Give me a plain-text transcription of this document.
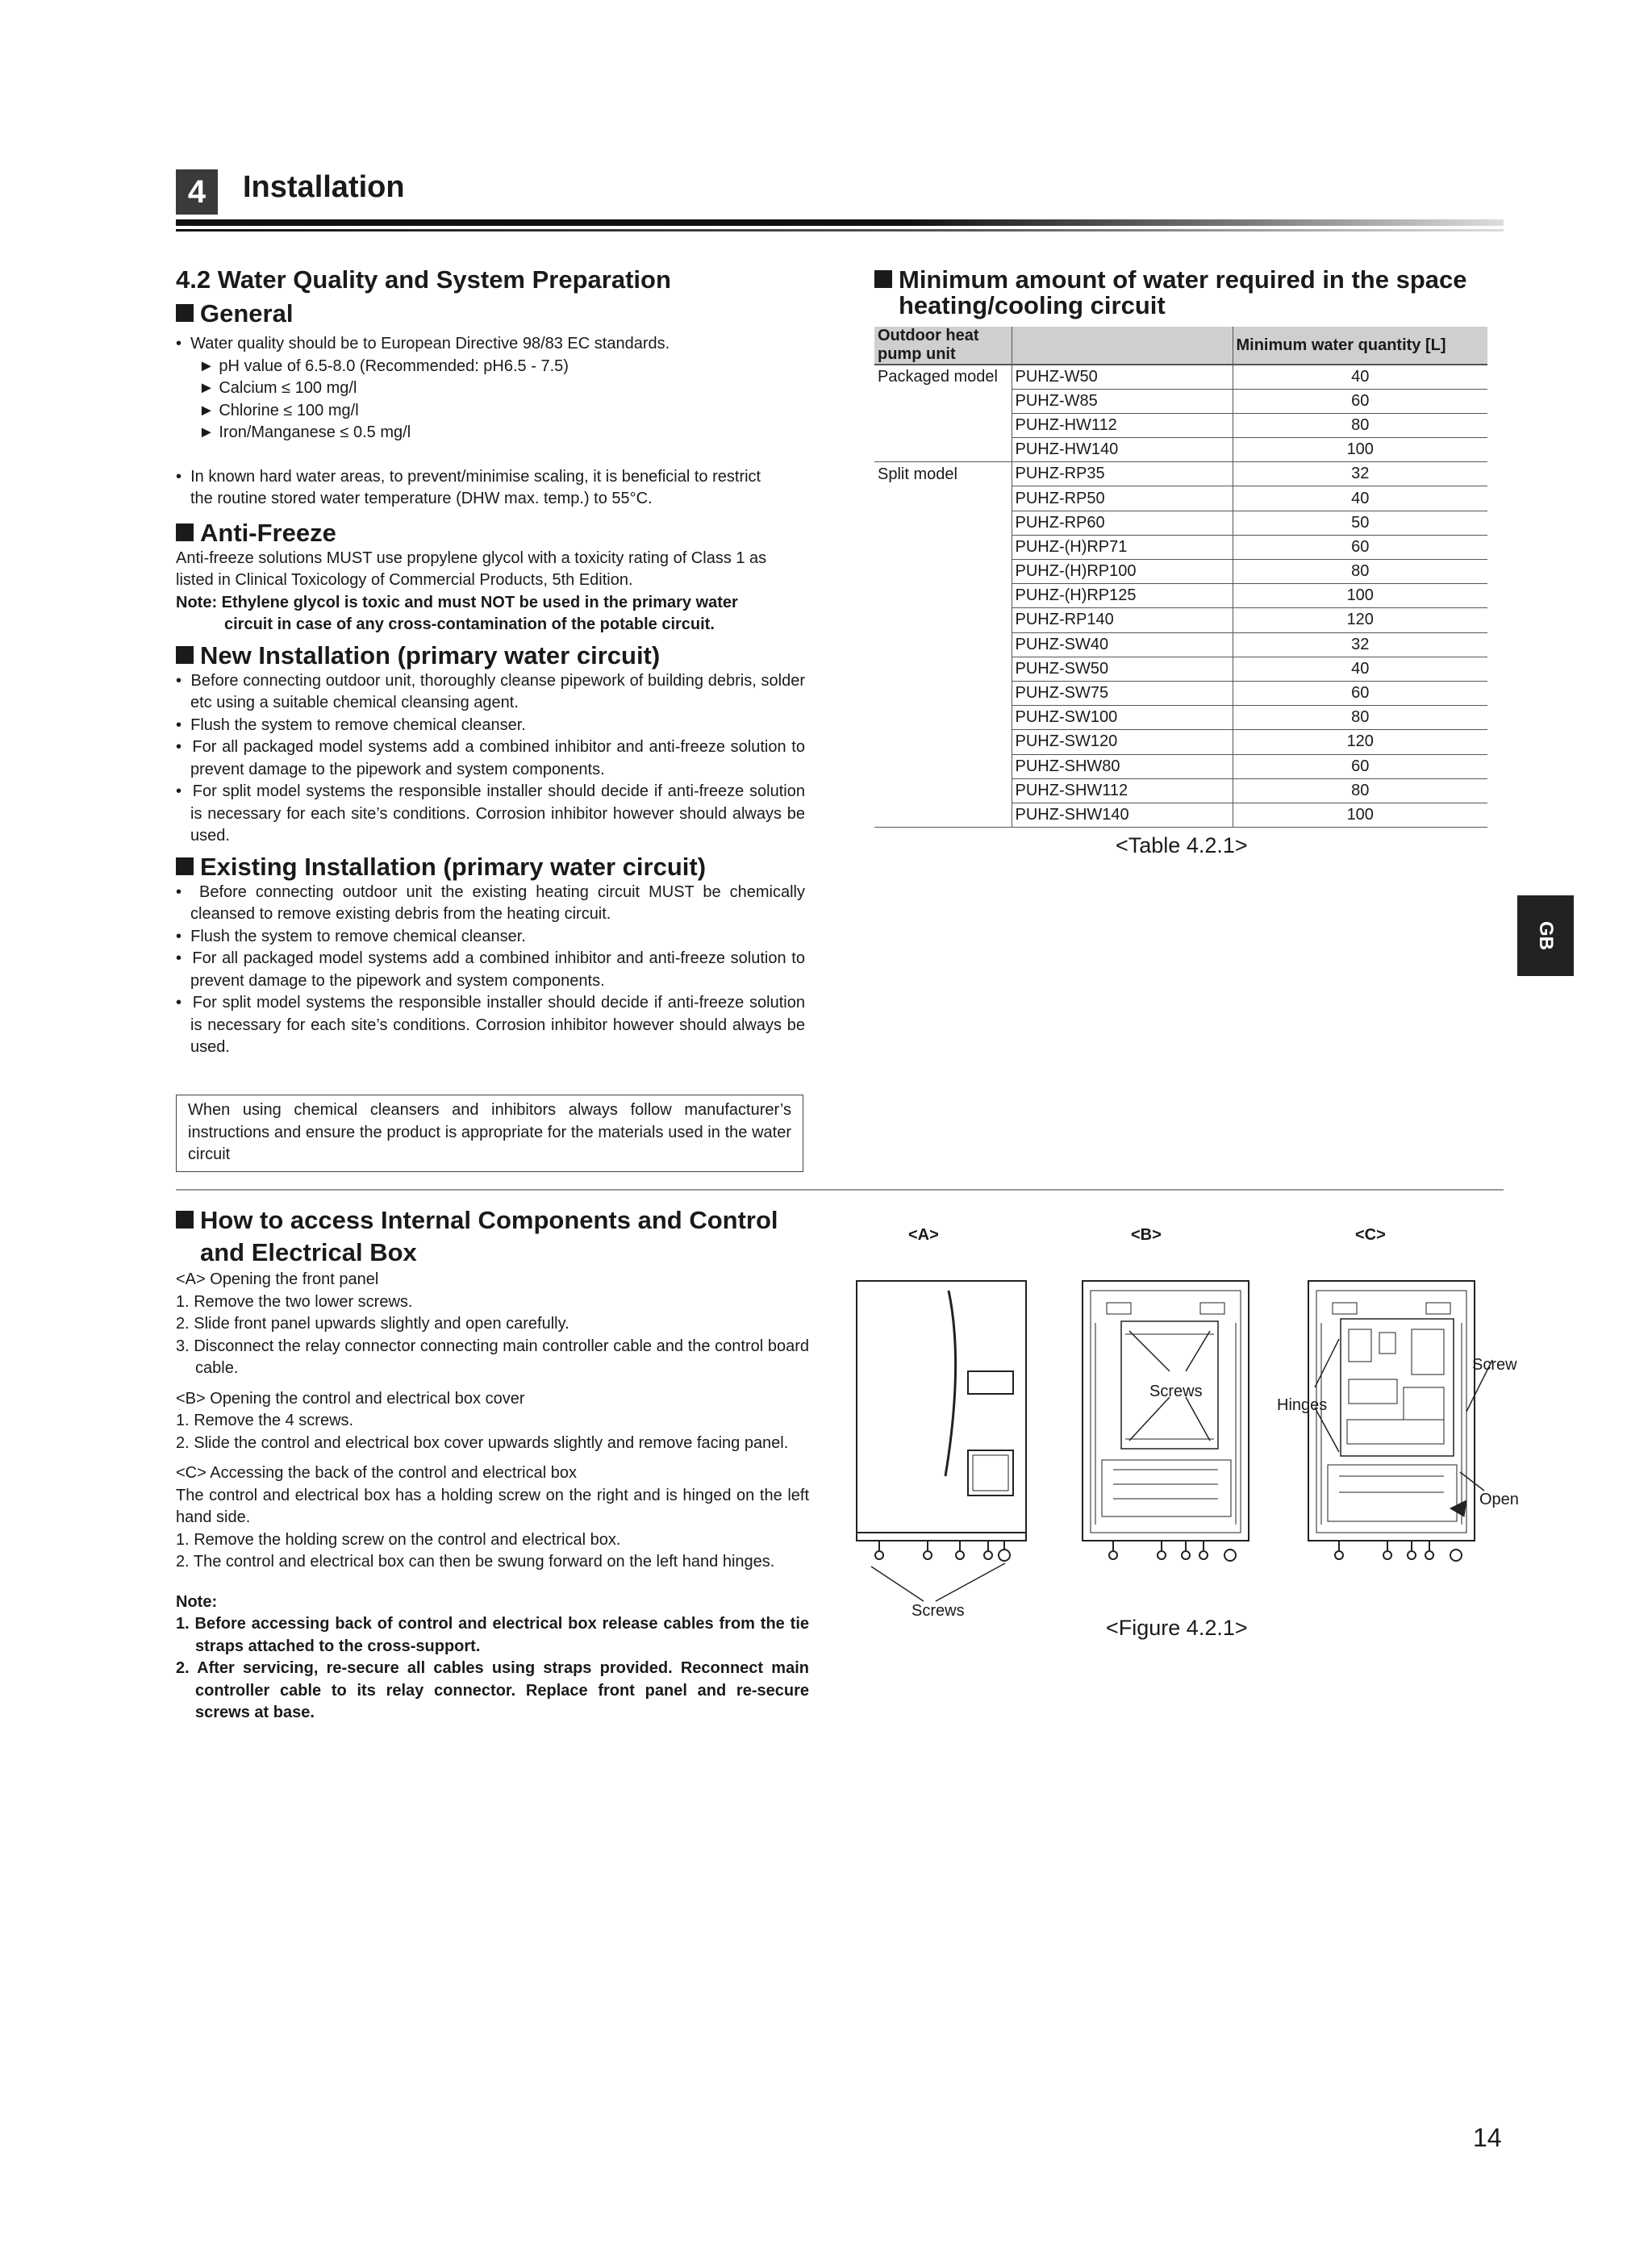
4	Installation
4.2 Water Quality and System Preparation
General
•  Water quality should be to European Directive 98/83 EC standards.
► pH value of 6.5-8.0 (Recommended: pH6.5 - 7.5)
► Calcium ≤ 100 mg/l
► Chlorine ≤ 100 mg/l
► Iron/Manganese ≤ 0.5 mg/l
•  In known hard water areas, to prevent/minimise scaling, it is beneficial to restrict
the routine stored water temperature (DHW max. temp.) to 55°C.
Anti-Freeze
Anti-freeze solutions MUST use propylene glycol with a toxicity rating of Class 1 as
listed in Clinical Toxicology of Commercial Products, 5th Edition.
Note: Ethylene glycol is toxic and must NOT be used in the primary water
circuit in case of any cross-contamination of the potable circuit.
New Installation (primary water circuit)
•  Before connecting outdoor unit, thoroughly cleanse pipework of building debris, solder etc using a suitable chemical cleansing agent.
•  Flush the system to remove chemical cleanser.
•  For all packaged model systems add a combined inhibitor and anti-freeze solution to prevent damage to the pipework and system components.
•  For split model systems the responsible installer should decide if anti-freeze solution is necessary for each site’s conditions. Corrosion inhibitor however should always be used.
Existing Installation (primary water circuit)
•  Before connecting outdoor unit the existing heating circuit MUST be chemically cleansed to remove existing debris from the heating circuit.
•  Flush the system to remove chemical cleanser.
•  For all packaged model systems add a combined inhibitor and anti-freeze solution to prevent damage to the pipework and system components.
•  For split model systems the responsible installer should decide if anti-freeze solution is necessary for each site’s conditions. Corrosion inhibitor however should always be used.
When using chemical cleansers and inhibitors always follow manufacturer’s instructions and ensure the product is appropriate for the materials used in the water circuit
Minimum amount of water required in the space
heating/cooling circuit
Outdoor heat pump unit		Minimum water quantity [L]
Packaged model	PUHZ-W50	40
	PUHZ-W85	60
	PUHZ-HW112	80
	PUHZ-HW140	100
Split model	PUHZ-RP35	32
	PUHZ-RP50	40
	PUHZ-RP60	50
	PUHZ-(H)RP71	60
	PUHZ-(H)RP100	80
	PUHZ-(H)RP125	100
	PUHZ-RP140	120
	PUHZ-SW40	32
	PUHZ-SW50	40
	PUHZ-SW75	60
	PUHZ-SW100	80
	PUHZ-SW120	120
	PUHZ-SHW80	60
	PUHZ-SHW112	80
	PUHZ-SHW140	100
<Table 4.2.1>
GB
How to access Internal Components and Control
and Electrical Box
<A> Opening the front panel
1. Remove the two lower screws.
2. Slide front panel upwards slightly and open carefully.
3. Disconnect the relay connector connecting main controller cable and the control board cable.
<B> Opening the control and electrical box cover
1. Remove the 4 screws.
2. Slide the control and electrical box cover upwards slightly and remove facing panel.
<C> Accessing the back of the control and electrical box
The control and electrical box has a holding screw on the right and is hinged on the left hand side.
1. Remove the holding screw on the control and electrical box.
2. The control and electrical box can then be swung forward on the left hand hinges.
Note:
1. Before accessing back of control and electrical box release cables from the tie straps attached to the cross-support.
2. After servicing, re-secure all cables using straps provided. Reconnect main controller cable to its relay connector. Replace front panel and re-secure screws at base.
<A>	<B>	<C>
Screws
Screws
Hinges
Screw
Open
<Figure 4.2.1>
14
